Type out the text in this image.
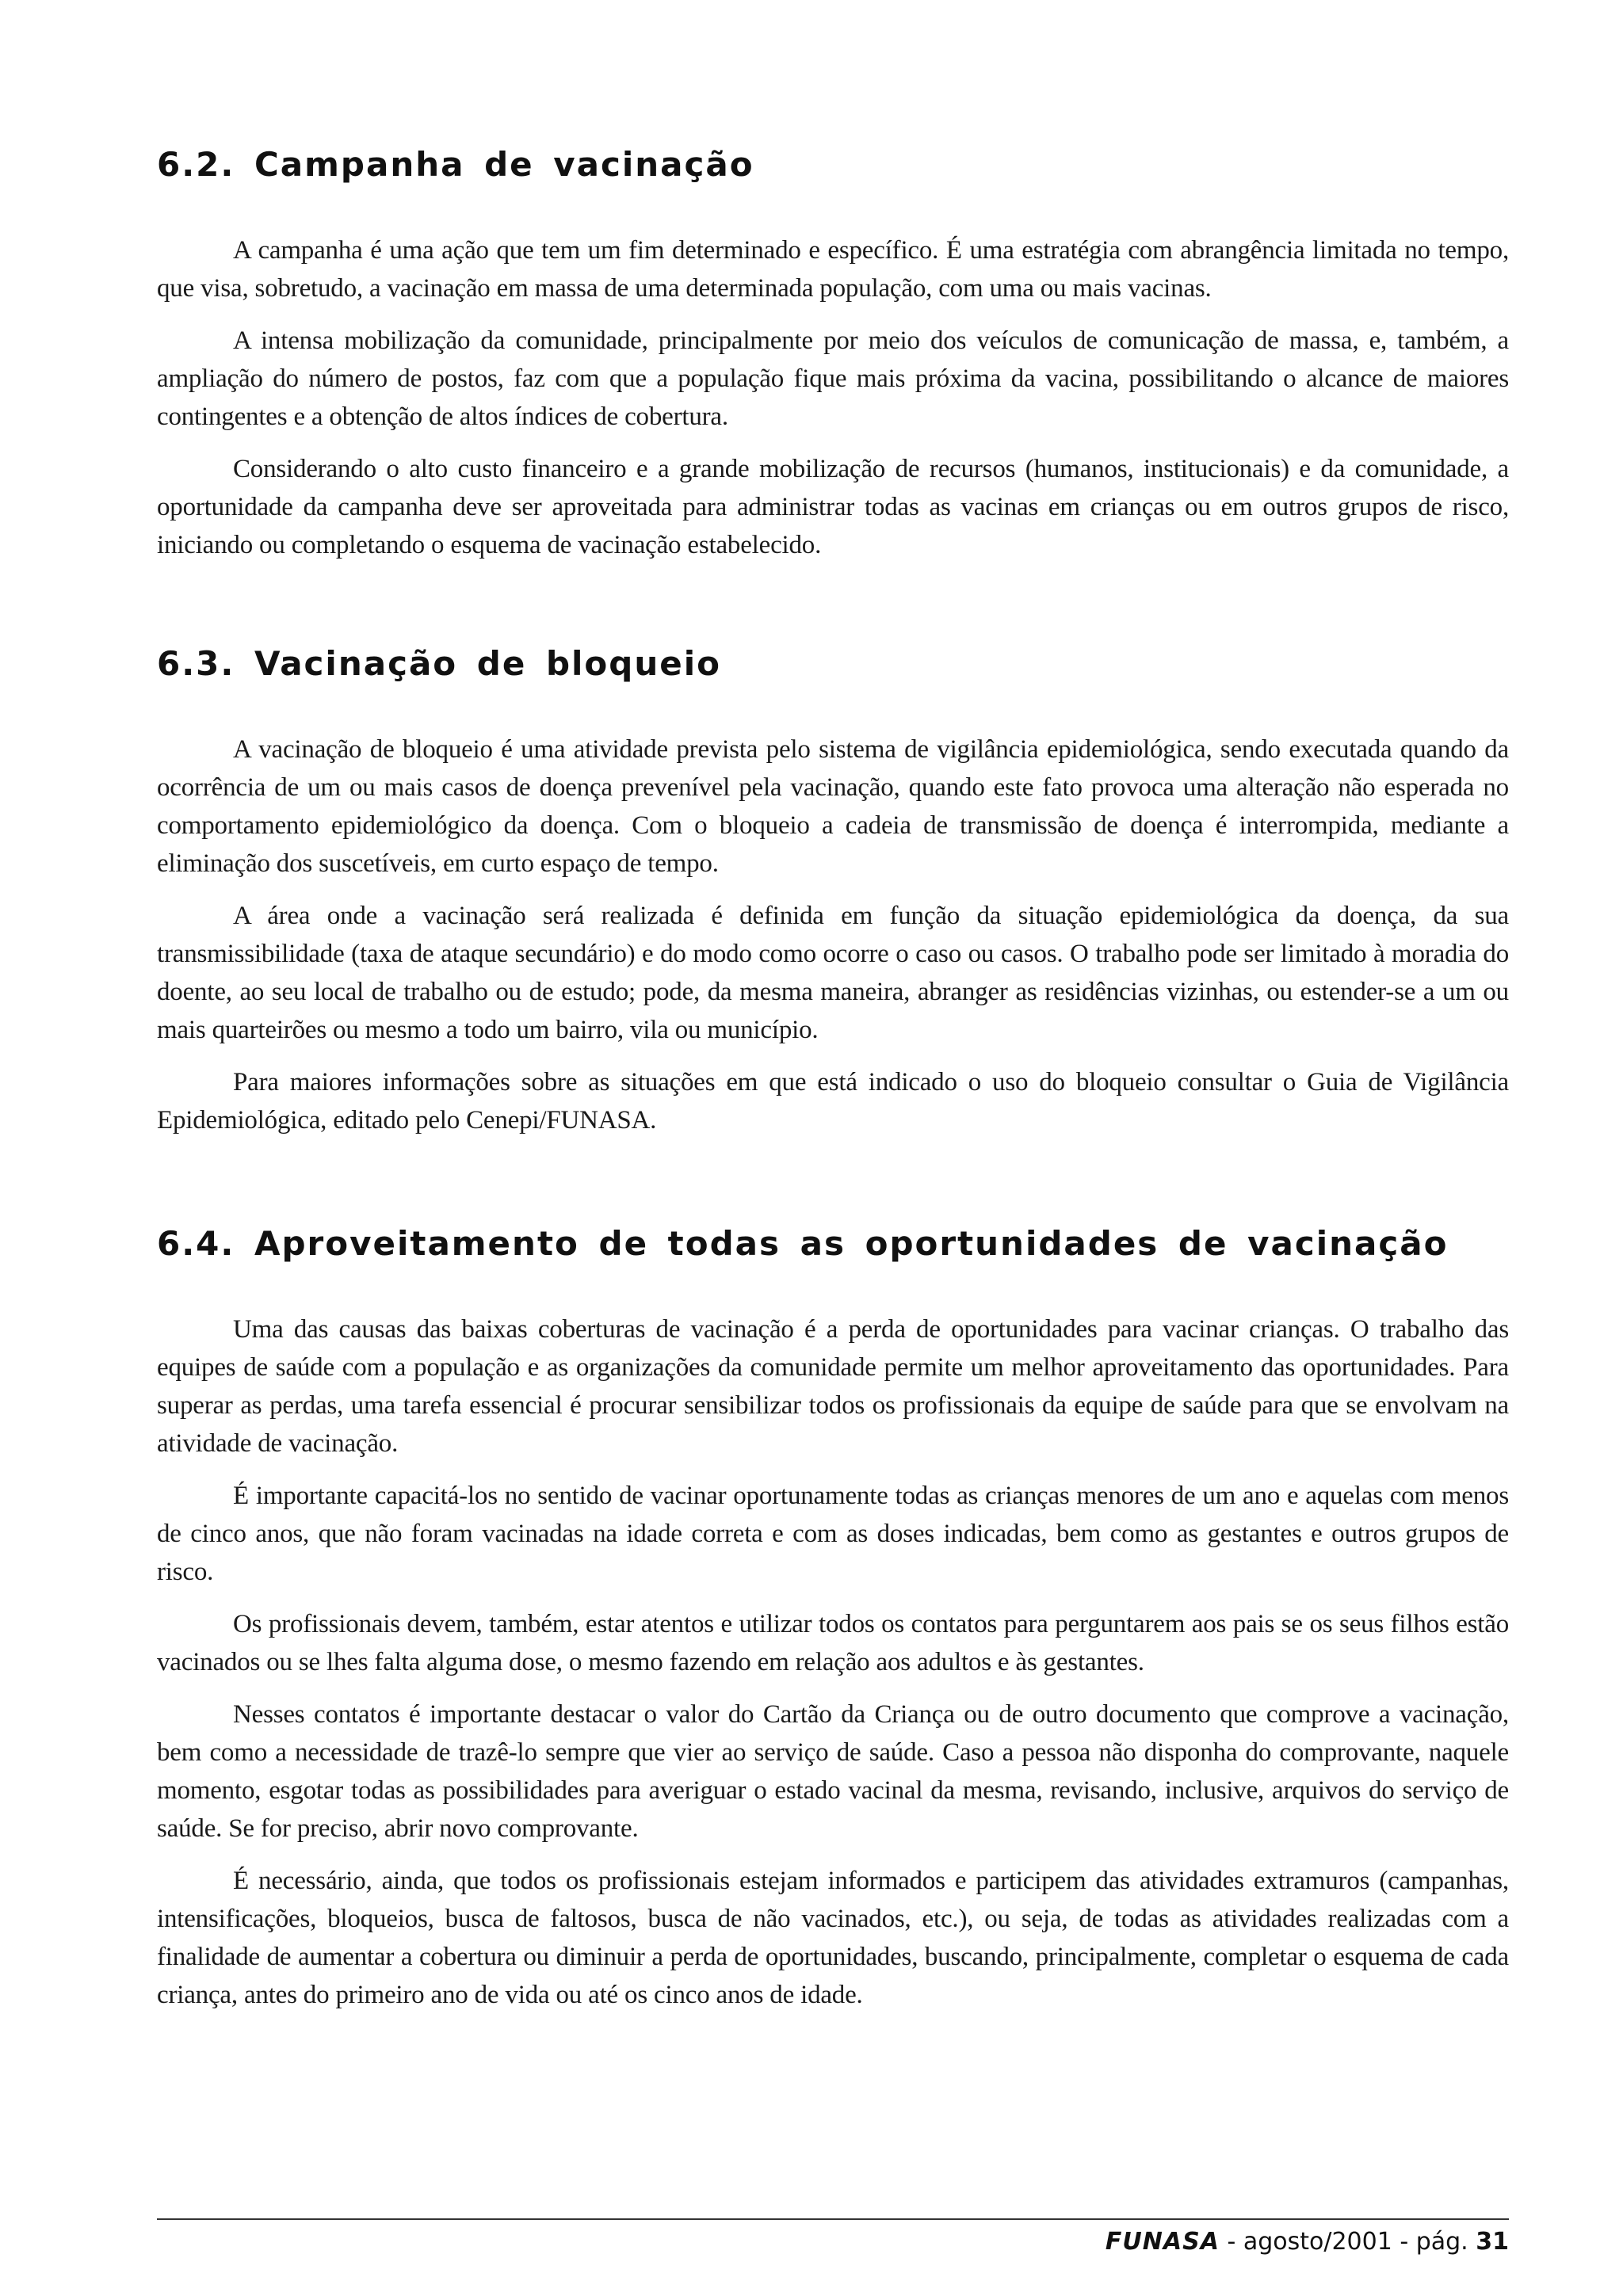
6.2. Campanha de vacinação

A campanha é uma ação que tem um fim determinado e específico. É uma estratégia com abrangência limitada no tempo, que visa, sobretudo, a vacinação em massa de uma determinada população, com uma ou mais vacinas.

A intensa mobilização da comunidade, principalmente por meio dos veículos de comunicação de massa, e, também, a ampliação do número de postos, faz com que a população fique mais próxima da vacina, possibilitando o alcance de maiores contingentes e a obtenção de altos índices de cobertura.

Considerando o alto custo financeiro e a grande mobilização de recursos (humanos, institucionais) e da comunidade, a oportunidade da campanha deve ser aproveitada para administrar todas as vacinas em crianças ou em outros grupos de risco, iniciando ou completando o esquema de vacinação estabelecido.

6.3. Vacinação de bloqueio

A vacinação de bloqueio é uma atividade prevista pelo sistema de vigilância epidemiológica, sendo executada quando da ocorrência de um ou mais casos de doença prevenível pela vacinação, quando este fato provoca uma alteração não esperada no comportamento epidemiológico da doença. Com o bloqueio a cadeia de transmissão de doença é interrompida, mediante a eliminação dos suscetíveis, em curto espaço de tempo.

A área onde a vacinação será realizada é definida em função da situação epidemiológica da doença, da sua transmissibilidade (taxa de ataque secundário) e do modo como ocorre o caso ou casos. O trabalho pode ser limitado à moradia do doente, ao seu local de trabalho ou de estudo; pode, da mesma maneira, abranger as residências vizinhas, ou estender-se a um ou mais quarteirões ou mesmo a todo um bairro, vila ou município.

Para maiores informações sobre as situações em que está indicado o uso do bloqueio consultar o Guia de Vigilância Epidemiológica, editado pelo Cenepi/FUNASA.

6.4. Aproveitamento de todas as oportunidades de vacinação

Uma das causas das baixas coberturas de vacinação é a perda de oportunidades para vacinar crianças. O trabalho das equipes de saúde com a população e as organizações da comunidade permite um melhor aproveitamento das oportunidades. Para superar as perdas, uma tarefa essencial é procurar sensibilizar todos os profissionais da equipe de saúde para que se envolvam na atividade de vacinação.

É importante capacitá-los no sentido de vacinar oportunamente todas as crianças menores de um ano e aquelas com menos de cinco anos, que não foram vacinadas na idade correta e com as doses indicadas, bem como as gestantes e outros grupos de risco.

Os profissionais devem, também, estar atentos e utilizar todos os contatos para perguntarem aos pais se os seus filhos estão vacinados ou se lhes falta alguma dose, o mesmo fazendo em relação aos adultos e às gestantes.

Nesses contatos é importante destacar o valor do Cartão da Criança ou de outro documento que comprove a vacinação, bem como a necessidade de trazê-lo sempre que vier ao serviço de saúde. Caso a pessoa não disponha do comprovante, naquele momento, esgotar todas as possibilidades para averiguar o estado vacinal da mesma, revisando, inclusive, arquivos do serviço de saúde. Se for preciso, abrir novo comprovante.

É necessário, ainda, que todos os profissionais estejam informados e participem das atividades extramuros (campanhas, intensificações, bloqueios, busca de faltosos, busca de não vacinados, etc.), ou seja, de todas as atividades realizadas com a finalidade de aumentar a cobertura ou diminuir a perda de oportunidades, buscando, principalmente, completar o esquema de cada criança, antes do primeiro ano de vida ou até os cinco anos de idade.

FUNASA - agosto/2001 - pág. 31
